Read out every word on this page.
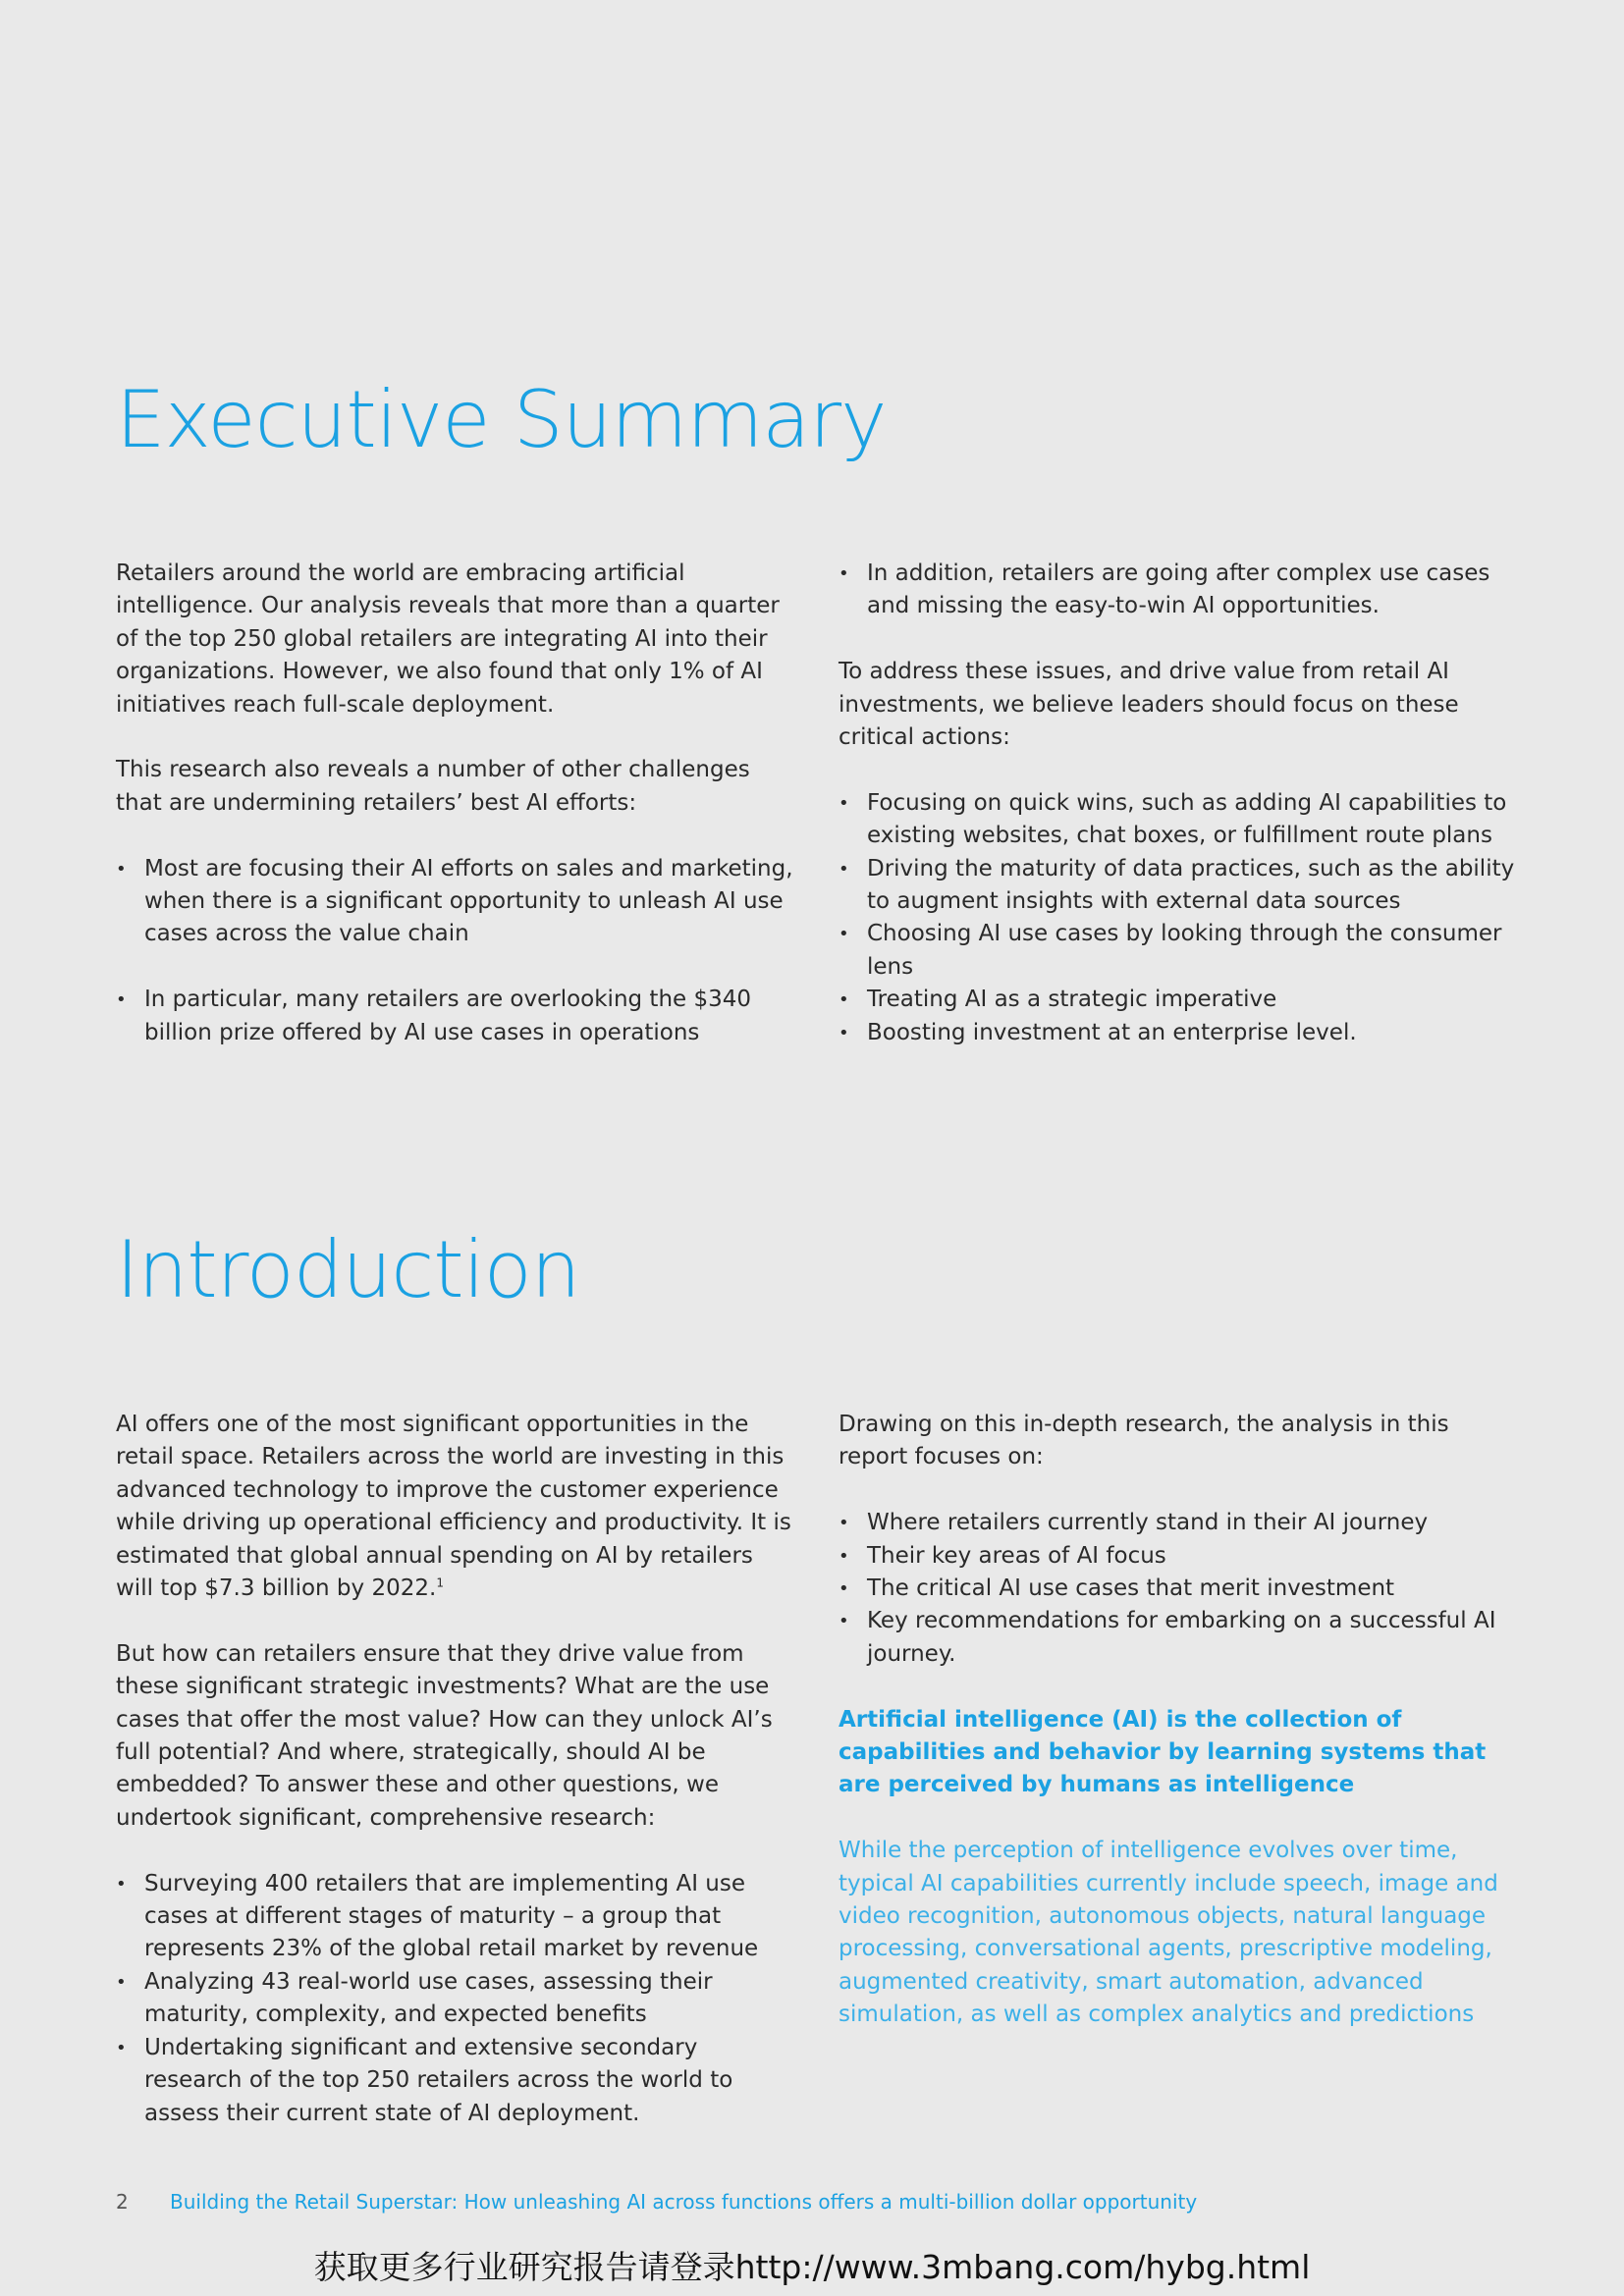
Executive Summary

Retailers around the world are embracing artificial intelligence. Our analysis reveals that more than a quarter of the top 250 global retailers are integrating AI into their organizations. However, we also found that only 1% of AI initiatives reach full-scale deployment.

This research also reveals a number of other challenges that are undermining retailers’ best AI efforts:

• Most are focusing their AI efforts on sales and marketing, when there is a significant opportunity to unleash AI use cases across the value chain
• In particular, many retailers are overlooking the $340 billion prize offered by AI use cases in operations
• In addition, retailers are going after complex use cases and missing the easy-to-win AI opportunities.

To address these issues, and drive value from retail AI investments, we believe leaders should focus on these critical actions:

• Focusing on quick wins, such as adding AI capabilities to existing websites, chat boxes, or fulfillment route plans
• Driving the maturity of data practices, such as the ability to augment insights with external data sources
• Choosing AI use cases by looking through the consumer lens
• Treating AI as a strategic imperative
• Boosting investment at an enterprise level.
Introduction

AI offers one of the most significant opportunities in the retail space. Retailers across the world are investing in this advanced technology to improve the customer experience while driving up operational efficiency and productivity. It is estimated that global annual spending on AI by retailers will top $7.3 billion by 2022.$^1$

But how can retailers ensure that they drive value from these significant strategic investments? What are the use cases that offer the most value? How can they unlock AI’s full potential? And where, strategically, should AI be embedded? To answer these and other questions, we undertook significant, comprehensive research:

• Surveying 400 retailers that are implementing AI use cases at different stages of maturity – a group that represents 23% of the global retail market by revenue
• Analyzing 43 real-world use cases, assessing their maturity, complexity, and expected benefits
• Undertaking significant and extensive secondary research of the top 250 retailers across the world to assess their current state of AI deployment.

Drawing on this in-depth research, the analysis in this report focuses on:

• Where retailers currently stand in their AI journey
• Their key areas of AI focus
• The critical AI use cases that merit investment
• Key recommendations for embarking on a successful AI journey.

Artificial intelligence (AI) is the collection of capabilities and behavior by learning systems that are perceived by humans as intelligence

While the perception of intelligence evolves over time, typical AI capabilities currently include speech, image and video recognition, autonomous objects, natural language processing, conversational agents, prescriptive modeling, augmented creativity, smart automation, advanced simulation, as well as complex analytics and predictions

2 Building the Retail Superstar: How unleashing AI across functions offers a multi-billion dollar opportunity
获取更多行业研究报告请登录http://www.3mbang.com/hybg.html
